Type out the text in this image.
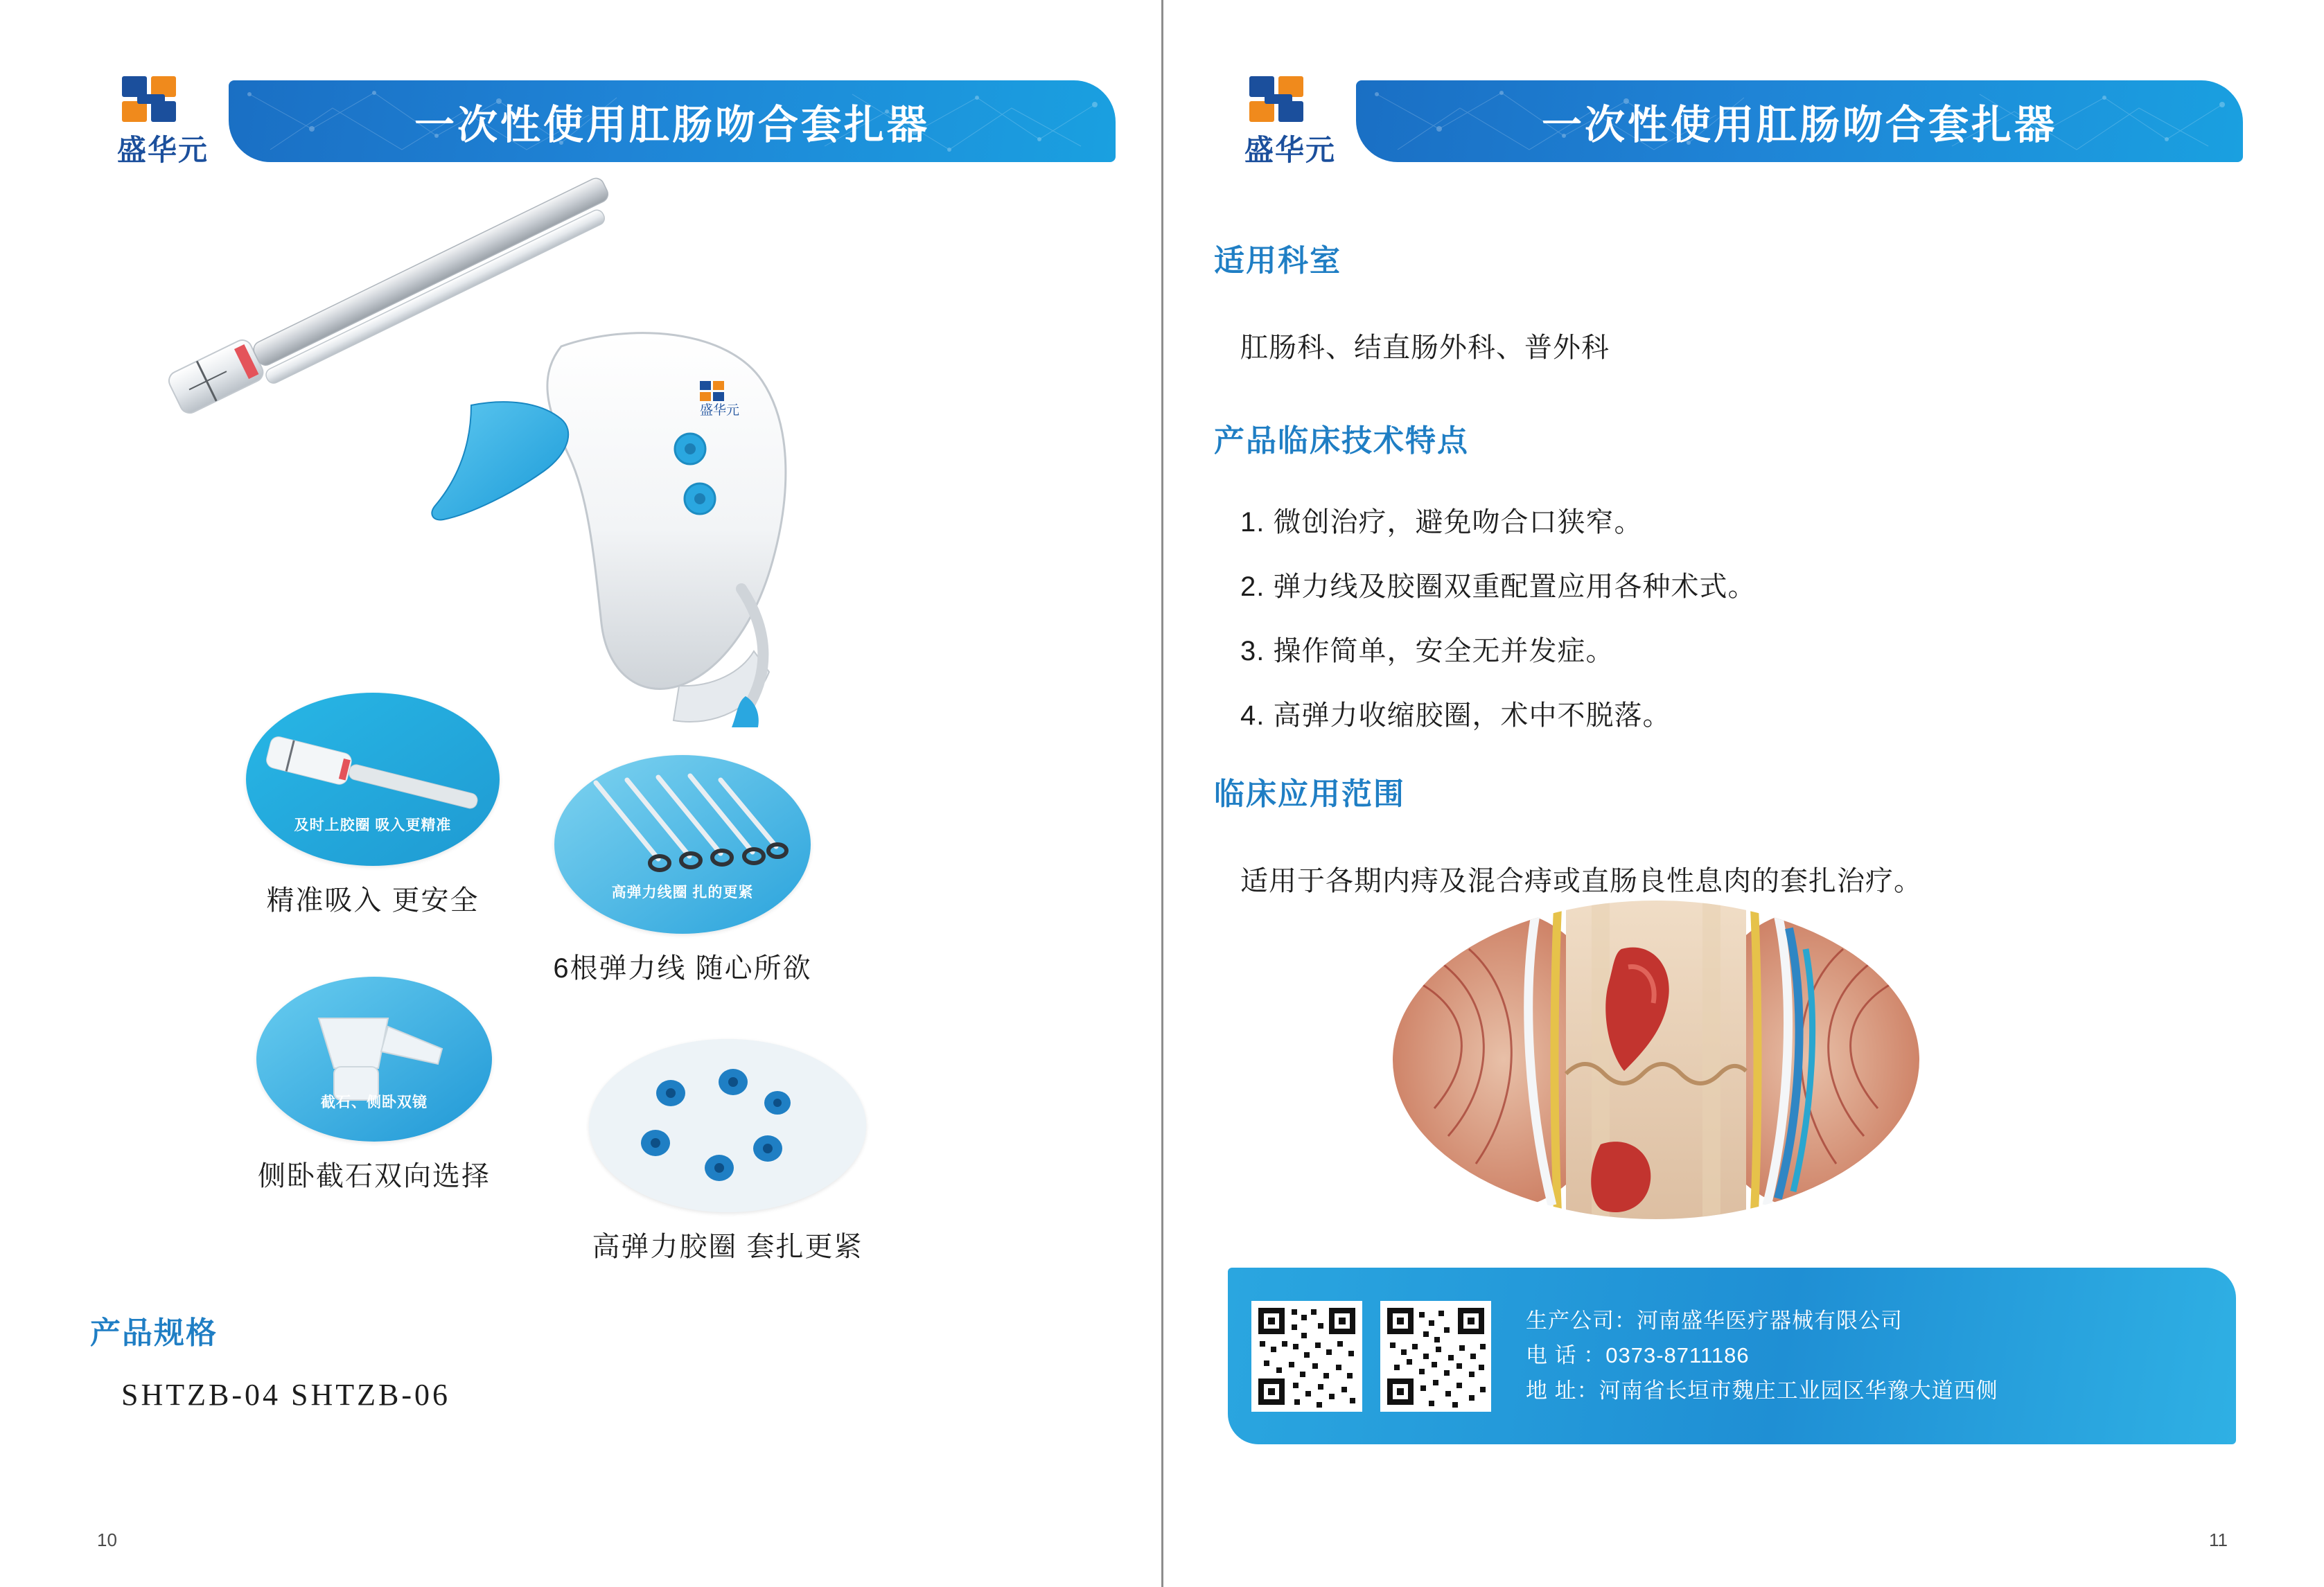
盛华元
一次性使用肛肠吻合套扎器
盛华元
及时上胶圈 吸入更精准
精准吸入 更安全	高弹力线圈 扎的更紧
6根弹力线 随心所欲
截石、侧卧双镜
侧卧截石双向选择
高弹力胶圈 套扎更紧
产品规格
SHTZB-04 SHTZB-06
10
盛华元
一次性使用肛肠吻合套扎器
适用科室
肛肠科、结直肠外科、普外科
产品临床技术特点
1. 微创治疗，避免吻合口狭窄。
2. 弹力线及胶圈双重配置应用各种术式。
3. 操作简单，安全无并发症。
4. 高弹力收缩胶圈，术中不脱落。
临床应用范围
适用于各期内痔及混合痔或直肠良性息肉的套扎治疗。
生产公司：河南盛华医疗器械有限公司
电 话 ：0373-8711186
地 址：河南省长垣市魏庄工业园区华豫大道西侧
11
